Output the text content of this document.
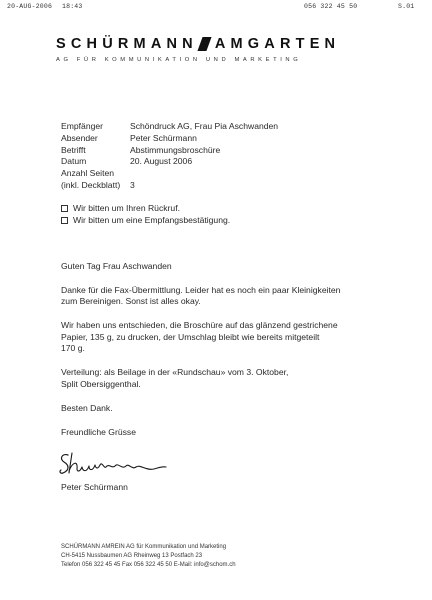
20-AUG-2006 18:43	056 322 45 50	S.01
SCHÜRMANN AMGARTEN
AG FÜR KOMMUNIKATION UND MARKETING
Empfänger	Schöndruck AG, Frau Pia Aschwanden
Absender	Peter Schürmann
Betrifft	Abstimmungsbroschüre
Datum	20. August 2006
Anzahl Seiten
(inkl. Deckblatt)	3
Wir bitten um Ihren Rückruf.
Wir bitten um eine Empfangsbestätigung.
Guten Tag Frau Aschwanden
Danke für die Fax-Übermittlung. Leider hat es noch ein paar Kleinigkeiten
zum Bereinigen. Sonst ist alles okay.
Wir haben uns entschieden, die Broschüre auf das glänzend gestrichene
Papier, 135 g, zu drucken, der Umschlag bleibt wie bereits mitgeteilt
170 g.
Verteilung: als Beilage in der «Rundschau» vom 3. Oktober,
Split Obersiggenthal.
Besten Dank.
Freundliche Grüsse
Peter Schürmann
SCHÜRMANN AMREIN AG für Kommunikation und Marketing
CH-5415 Nussbaumen AG Rheinweg 13 Postfach 23
Telefon 056 322 45 45 Fax 056 322 45 50 E-Mail: info@schom.ch
